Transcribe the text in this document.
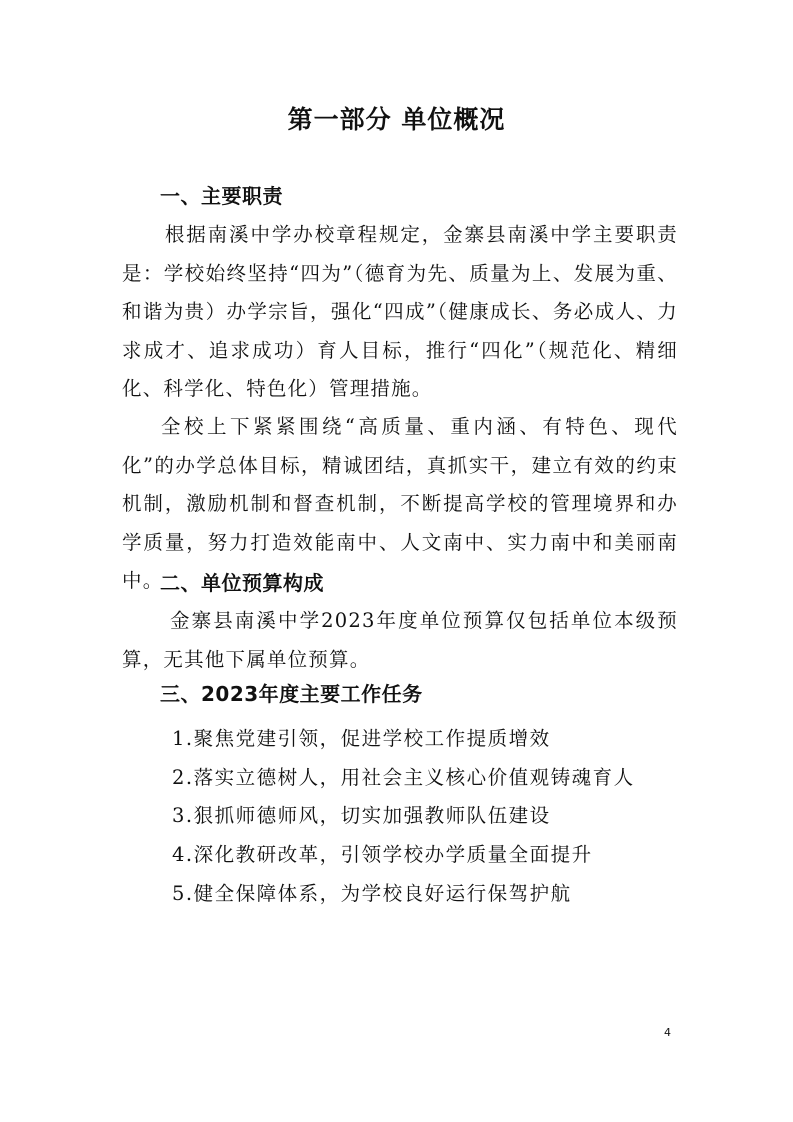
第一部分 单位概况
一、主要职责

　　根据南溪中学办校章程规定，金寨县南溪中学主要职责是：学校始终坚持“四为”（德育为先、质量为上、发展为重、和谐为贵）办学宗旨，强化“四成”（健康成长、务必成人、力求成才、追求成功）育人目标，推行“四化”（规范化、精细化、科学化、特色化）管理措施。

全校上下紧紧围绕“高质量、重内涵、有特色、现代化”的办学总体目标，精诚团结，真抓实干，建立有效的约束机制，激励机制和督查机制，不断提高学校的管理境界和办学质量，努力打造效能南中、人文南中、实力南中和美丽南中。

二、单位预算构成

金寨县南溪中学2023年度单位预算仅包括单位本级预算，无其他下属单位预算。

三、2023年度主要工作任务
1.聚焦党建引领，促进学校工作提质增效
2.落实立德树人，用社会主义核心价值观铸魂育人
3.狠抓师德师风，切实加强教师队伍建设
4.深化教研改革，引领学校办学质量全面提升
5.健全保障体系，为学校良好运行保驾护航
4
